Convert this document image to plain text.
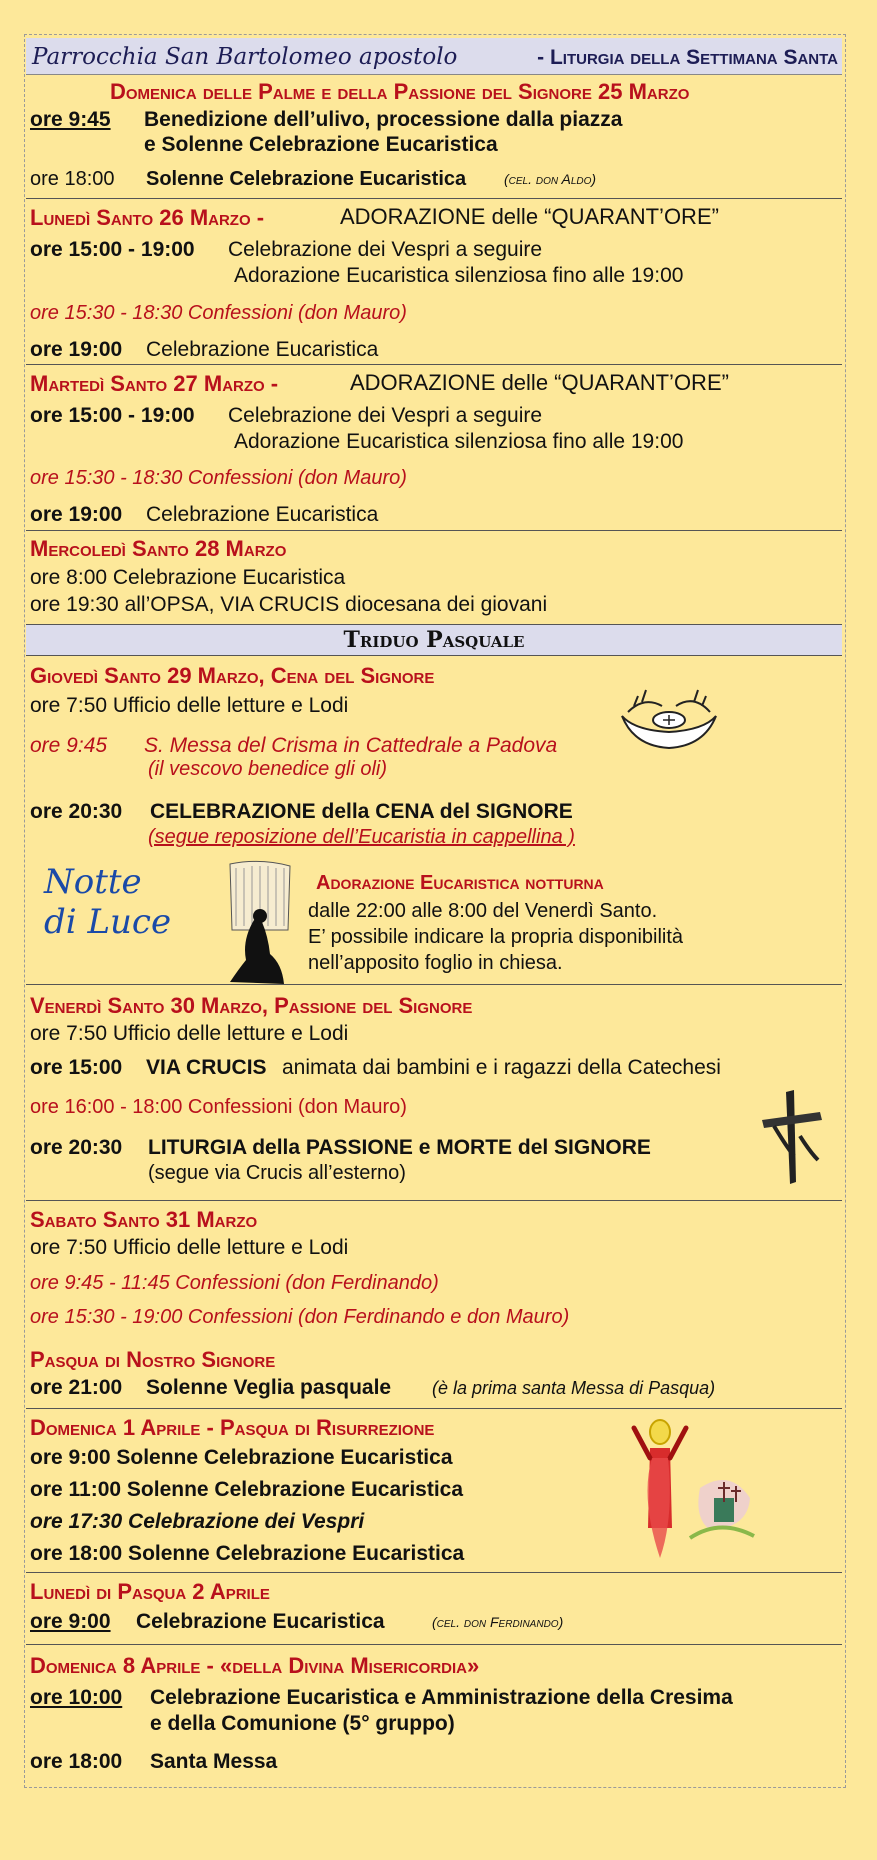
Parrocchia San Bartolomeo apostolo	- Liturgia della Settimana Santa
Domenica delle Palme e della Passione del Signore 25 Marzo
ore 9:45 Benedizione dell’ulivo, processione dalla piazza
e Solenne Celebrazione Eucaristica
ore 18:00 Solenne Celebrazione Eucaristica	(cel. don Aldo)
Lunedì Santo 26 Marzo -	ADORAZIONE delle “QUARANT’ORE”
ore 15:00 - 19:00 Celebrazione dei Vespri a seguire
Adorazione Eucaristica silenziosa fino alle 19:00
ore 15:30 - 18:30 Confessioni (don Mauro)
ore 19:00 Celebrazione Eucaristica
Martedì Santo 27 Marzo -	ADORAZIONE delle “QUARANT’ORE”
ore 15:00 - 19:00 Celebrazione dei Vespri a seguire
Adorazione Eucaristica silenziosa fino alle 19:00
ore 15:30 - 18:30 Confessioni (don Mauro)
ore 19:00 Celebrazione Eucaristica
Mercoledì Santo 28 Marzo
ore 8:00 Celebrazione Eucaristica
ore 19:30 all’OPSA, VIA CRUCIS diocesana dei giovani
Triduo Pasquale
Giovedì Santo 29 Marzo, Cena del Signore
ore 7:50 Ufficio delle letture e Lodi
ore 9:45 S. Messa del Crisma in Cattedrale a Padova
(il vescovo benedice gli oli)
ore 20:30 CELEBRAZIONE della CENA del SIGNORE
(segue reposizione dell’Eucaristia in cappellina )
Notte
di Luce
Adorazione Eucaristica notturna
dalle 22:00 alle 8:00 del Venerdì Santo.
E’ possibile indicare la propria disponibilità
nell’apposito foglio in chiesa.
Venerdì Santo 30 Marzo, Passione del Signore
ore 7:50 Ufficio delle letture e Lodi
ore 15:00 VIA CRUCIS animata dai bambini e i ragazzi della Catechesi
ore 16:00 - 18:00 Confessioni (don Mauro)
ore 20:30 LITURGIA della PASSIONE e MORTE del SIGNORE
(segue via Crucis all’esterno)
Sabato Santo 31 Marzo
ore 7:50 Ufficio delle letture e Lodi
ore 9:45 - 11:45 Confessioni (don Ferdinando)
ore 15:30 - 19:00 Confessioni (don Ferdinando e don Mauro)
Pasqua di Nostro Signore
ore 21:00 Solenne Veglia pasquale (è la prima santa Messa di Pasqua)
Domenica 1 Aprile - Pasqua di Risurrezione
ore 9:00 Solenne Celebrazione Eucaristica
ore 11:00 Solenne Celebrazione Eucaristica
ore 17:30 Celebrazione dei Vespri
ore 18:00 Solenne Celebrazione Eucaristica
Lunedì di Pasqua 2 Aprile
ore 9:00 Celebrazione Eucaristica	(cel. don Ferdinando)
Domenica 8 Aprile - «della Divina Misericordia»
ore 10:00 Celebrazione Eucaristica e Amministrazione della Cresima
e della Comunione (5° gruppo)
ore 18:00 Santa Messa
